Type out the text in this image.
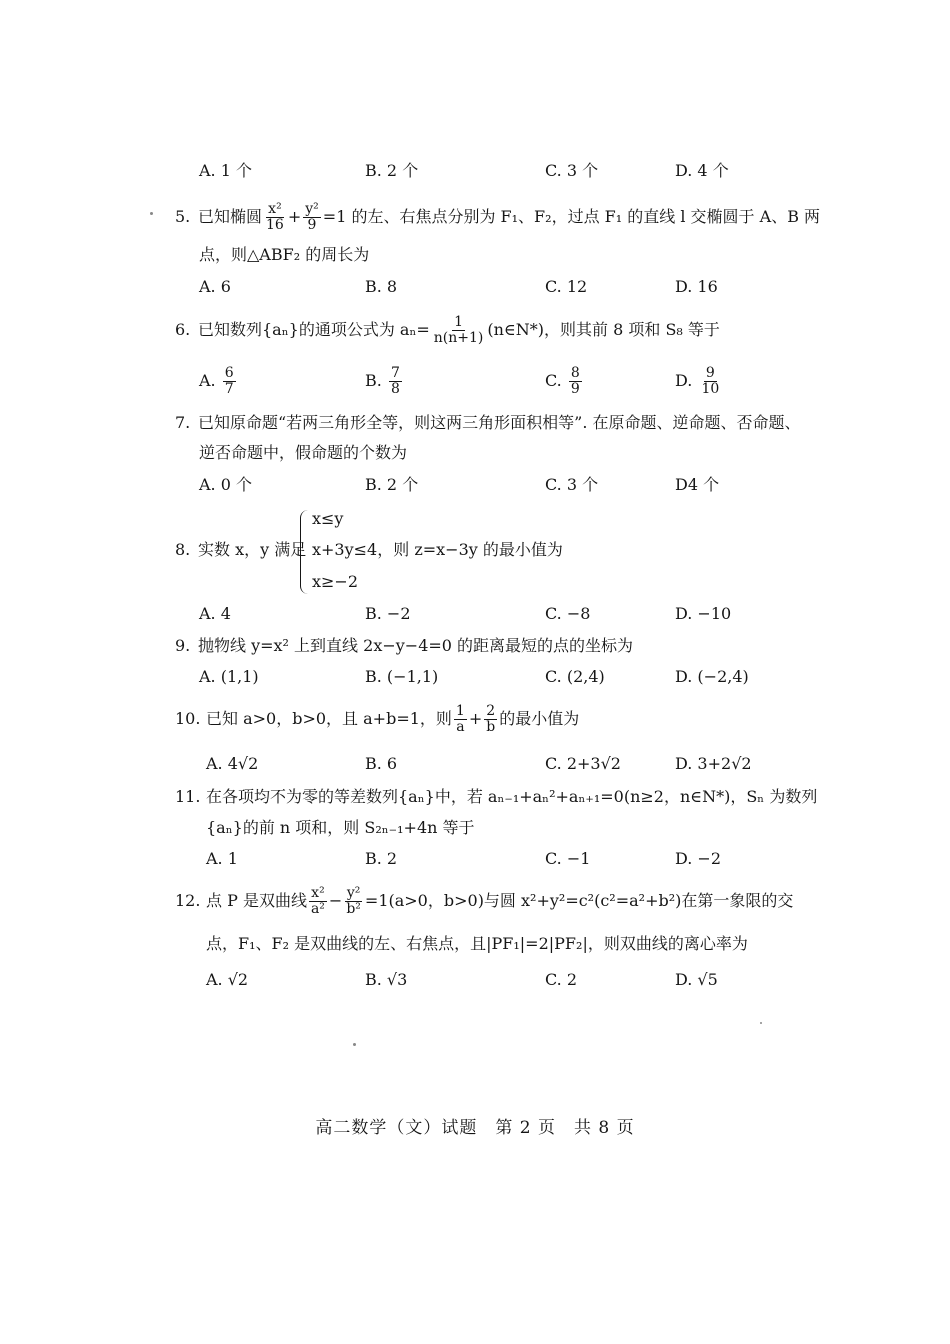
A. 1 个	B. 2 个	C. 3 个	D. 4 个
5. 已知椭圆 $\frac{\text{x²}}{16} + \frac{\text{y²}}{9} =1$ 的左、右焦点分别为 F₁、F₂，过点 F₁ 的直线 l 交椭圆于 A、B 两
点，则△ABF₂ 的周长为
A. 6	B. 8	C. 12	D. 16
6. 已知数列{aₙ}的通项公式为 $a_n= \frac{1}{n(n+1)}$ (n∈N*)，则其前 8 项和 S₈ 等于
A. $\frac{6}{7}$	B. $\frac{7}{8}$	C. $\frac{8}{9}$	D. $\frac{9}{10}$
7. 已知原命题“若两三角形全等，则这两三角形面积相等”. 在原命题、逆命题、否命题、
逆否命题中，假命题的个数为
A. 0 个	B. 2 个	C. 3 个	D4 个
8. 实数 x，y 满足
x≤y
x+3y≤4，则 z=x−3y 的最小值为
x≥−2
A. 4	B. −2	C. −8	D. −10
9. 抛物线 y=x² 上到直线 2x−y−4=0 的距离最短的点的坐标为
A. (1,1)	B. (−1,1)	C. (2,4)	D. (−2,4)
10. 已知 a>0，b>0，且 a+b=1，则 $\frac{1}{a} + \frac{2}{b}$ 的最小值为
A. 4√2	B. 6	C. 2+3√2	D. 3+2√2
11. 在各项均不为零的等差数列{aₙ}中，若 aₙ₋₁+aₙ²+aₙ₊₁=0(n≥2，n∈N*)，Sₙ 为数列
{aₙ}的前 n 项和，则 S₂ₙ₋₁+4n 等于
A. 1	B. 2	C. −1	D. −2
12. 点 P 是双曲线 $\frac{\text{x²}}{\text{a²}} - \frac{\text{y²}}{\text{b²}} =1(a>0$，b>0)与圆 x²+y²=c²(c²=a²+b²)在第一象限的交
点，F₁、F₂ 是双曲线的左、右焦点，且|PF₁|=2|PF₂|，则双曲线的离心率为
A. √2	B. √3	C. 2	D. √5
高二数学（文）试题　第 2 页　共 8 页
